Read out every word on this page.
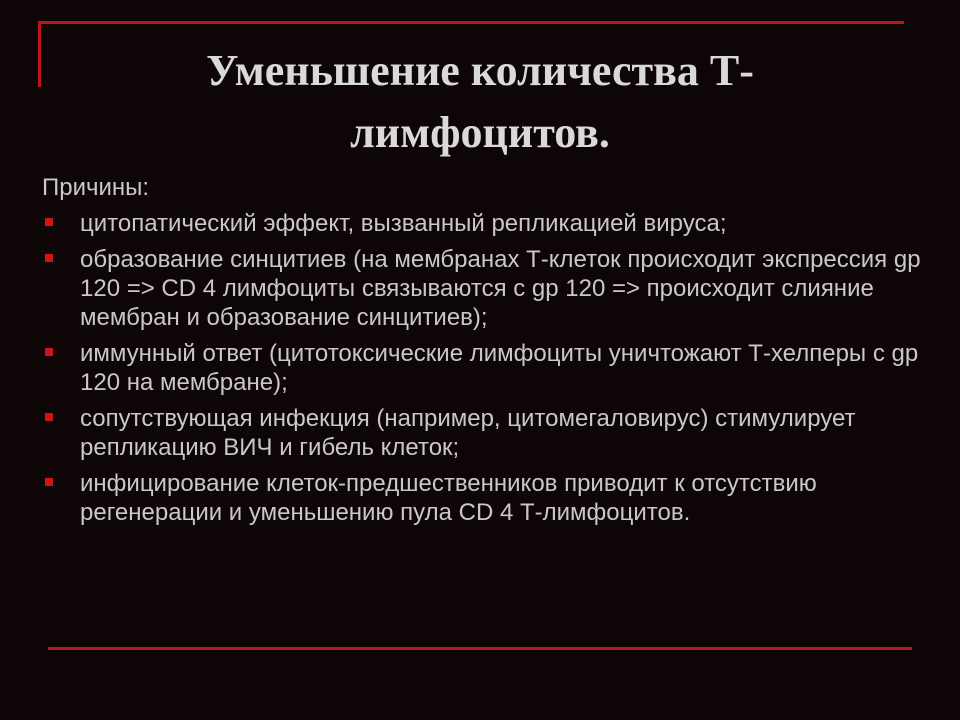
Уменьшение количества Т-
лимфоцитов.

Причины:

цитопатический эффект, вызванный репликацией вируса;
образование синцитиев (на мембранах Т-клеток происходит экспрессия gp 120 => CD 4 лимфоциты связываются с gp 120 => происходит слияние мембран и образование синцитиев);
иммунный ответ (цитотоксические лимфоциты уничтожают Т-хелперы с gp 120 на мембране);
сопутствующая инфекция (например, цитомегаловирус) стимулирует репликацию ВИЧ и гибель клеток;
инфицирование клеток-предшественников приводит к отсутствию регенерации и уменьшению пула CD 4 Т-лимфоцитов.
